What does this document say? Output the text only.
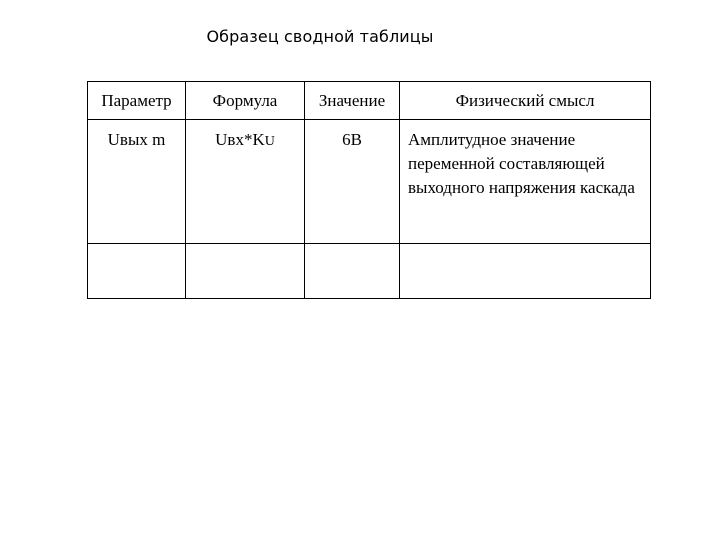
Образец сводной таблицы
Параметр	Формула	Значение	Физический смысл
Uвых m	Uвх*KU	6В	Амплитудное значение переменной составляющей выходного напряжения каскада
